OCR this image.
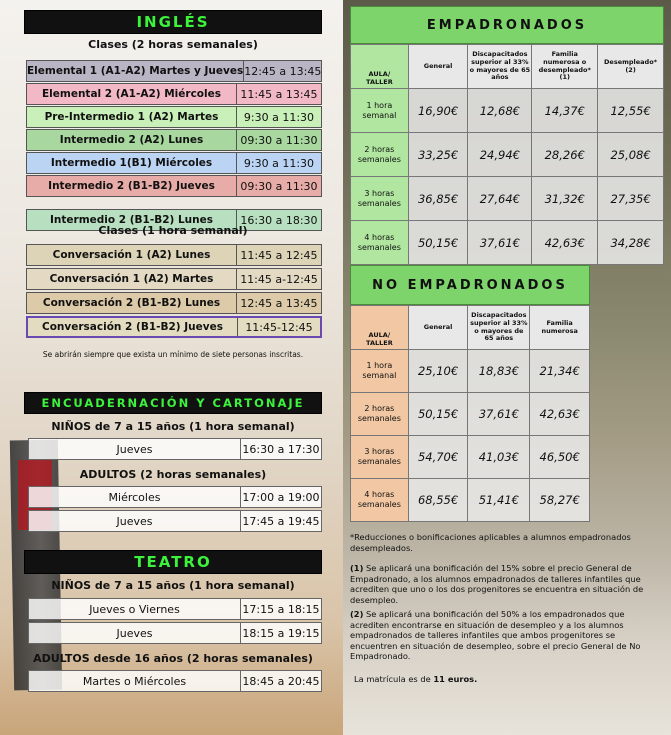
INGLÉS
Clases (2 horas semanales)
Elemental 1 (A1-A2) Martes y Jueves 12:45 a 13:45
Elemental 2 (A1-A2) Miércoles	11:45 a 13:45
Pre-Intermedio 1 (A2) Martes	9:30 a 11:30
Intermedio 2 (A2) Lunes	09:30 a 11:30
Intermedio 1(B1) Miércoles	9:30 a 11:30
Intermedio 2 (B1-B2) Jueves	09:30 a 11:30
Intermedio 2 (B1-B2) Lunes	16:30 a 18:30
Clases (1 hora semanal)
Conversación 1 (A2) Lunes	11:45 a 12:45
Conversación 1 (A2) Martes	11:45 a-12:45
Conversación 2 (B1-B2) Lunes	12:45 a 13:45
Conversación 2 (B1-B2) Jueves	11:45-12:45
Se abrirán siempre que exista un mínimo de siete personas inscritas.
ENCUADERNACIÓN Y CARTONAJE
NIÑOS de 7 a 15 años (1 hora semanal)
Jueves	16:30 a 17:30
ADULTOS (2 horas semanales)
Miércoles	17:00 a 19:00
Jueves	17:45 a 19:45
TEATRO
NIÑOS de 7 a 15 años (1 hora semanal)
Jueves o Viernes	17:15 a 18:15
Jueves	18:15 a 19:15
ADULTOS desde 16 años (2 horas semanales)
Martes o Miércoles	18:45 a 20:45
EMPADRONADOS
AULA/
TALLER	General	Discapacitados superior al 33% o mayores de 65 años	Familia numerosa o desempleado* (1)	Desempleado* (2)
1 hora semanal	16,90€	12,68€	14,37€	12,55€
2 horas semanales	33,25€	24,94€	28,26€	25,08€
3 horas semanales	36,85€	27,64€	31,32€	27,35€
4 horas semanales	50,15€	37,61€	42,63€	34,28€
NO EMPADRONADOS
AULA/
TALLER	General	Discapacitados superior al 33% o mayores de 65 años	Familia numerosa
1 hora semanal	25,10€	18,83€	21,34€
2 horas semanales	50,15€	37,61€	42,63€
3 horas semanales	54,70€	41,03€	46,50€
4 horas semanales	68,55€	51,41€	58,27€
*Reducciones o bonificaciones aplicables a alumnos empadronados desempleados.
(1) Se aplicará una bonificación del 15% sobre el precio General de Empadronado, a los alumnos empadronados de talleres infantiles que acrediten que uno o los dos progenitores se encuentra en situación de desempleo.
(2) Se aplicará una bonificación del 50% a los empadronados que acrediten encontrarse en situación de desempleo y a los alumnos empadronados de talleres infantiles que ambos progenitores se encuentren en situación de desempleo, sobre el precio General de No Empadronado.
La matrícula es de 11 euros.
